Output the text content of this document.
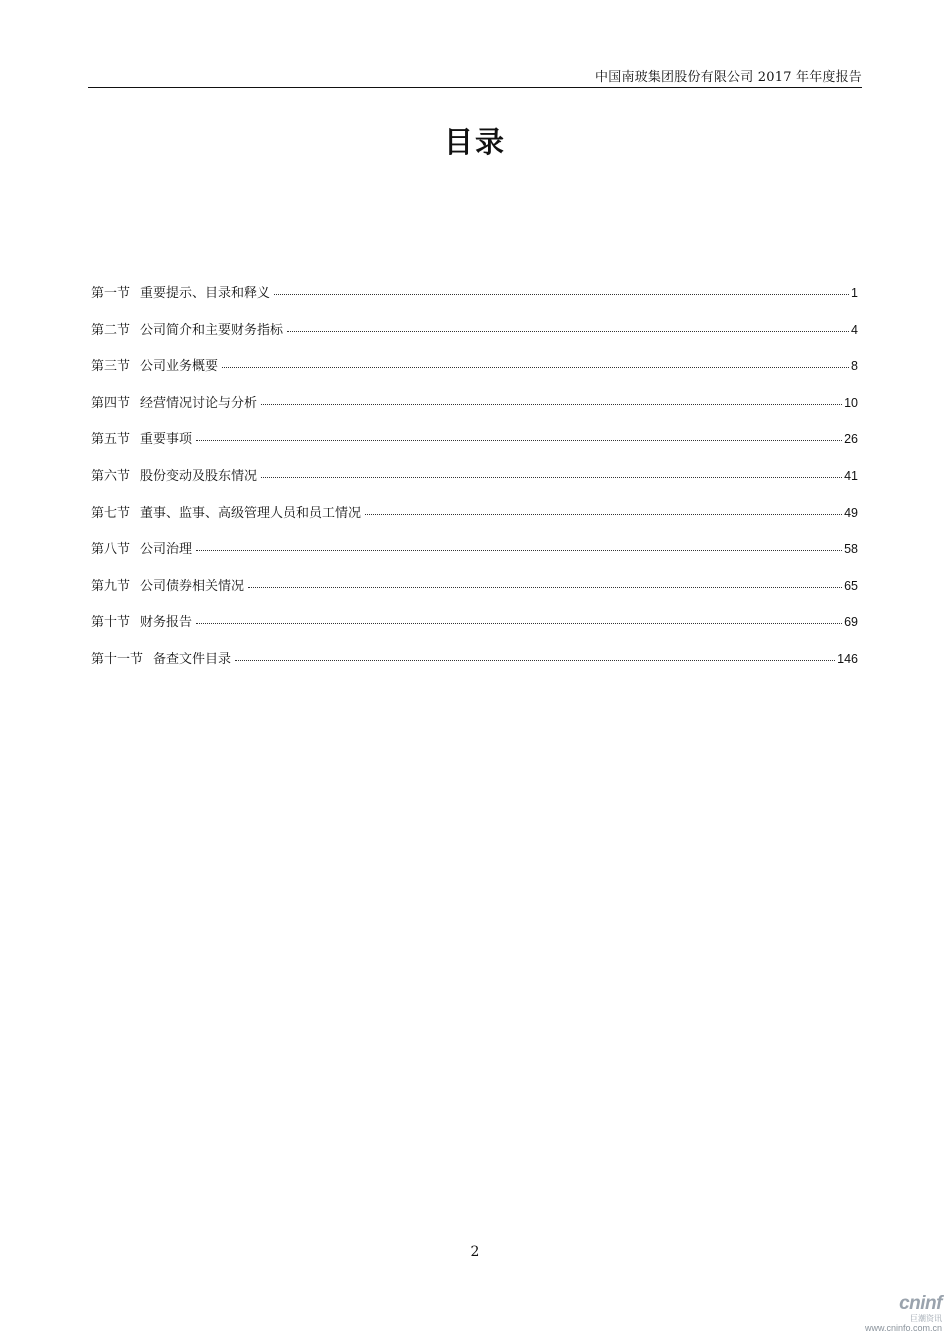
中国南玻集团股份有限公司 2017 年年度报告
目录
第一节 重要提示、目录和释义	1
第二节 公司简介和主要财务指标	4
第三节 公司业务概要	8
第四节 经营情况讨论与分析	10
第五节 重要事项	26
第六节 股份变动及股东情况	41
第七节 董事、监事、高级管理人员和员工情况	49
第八节 公司治理	58
第九节 公司债券相关情况	65
第十节 财务报告	69
第十一节 备查文件目录	146
2
cninf
巨潮资讯
www.cninfo.com.cn
